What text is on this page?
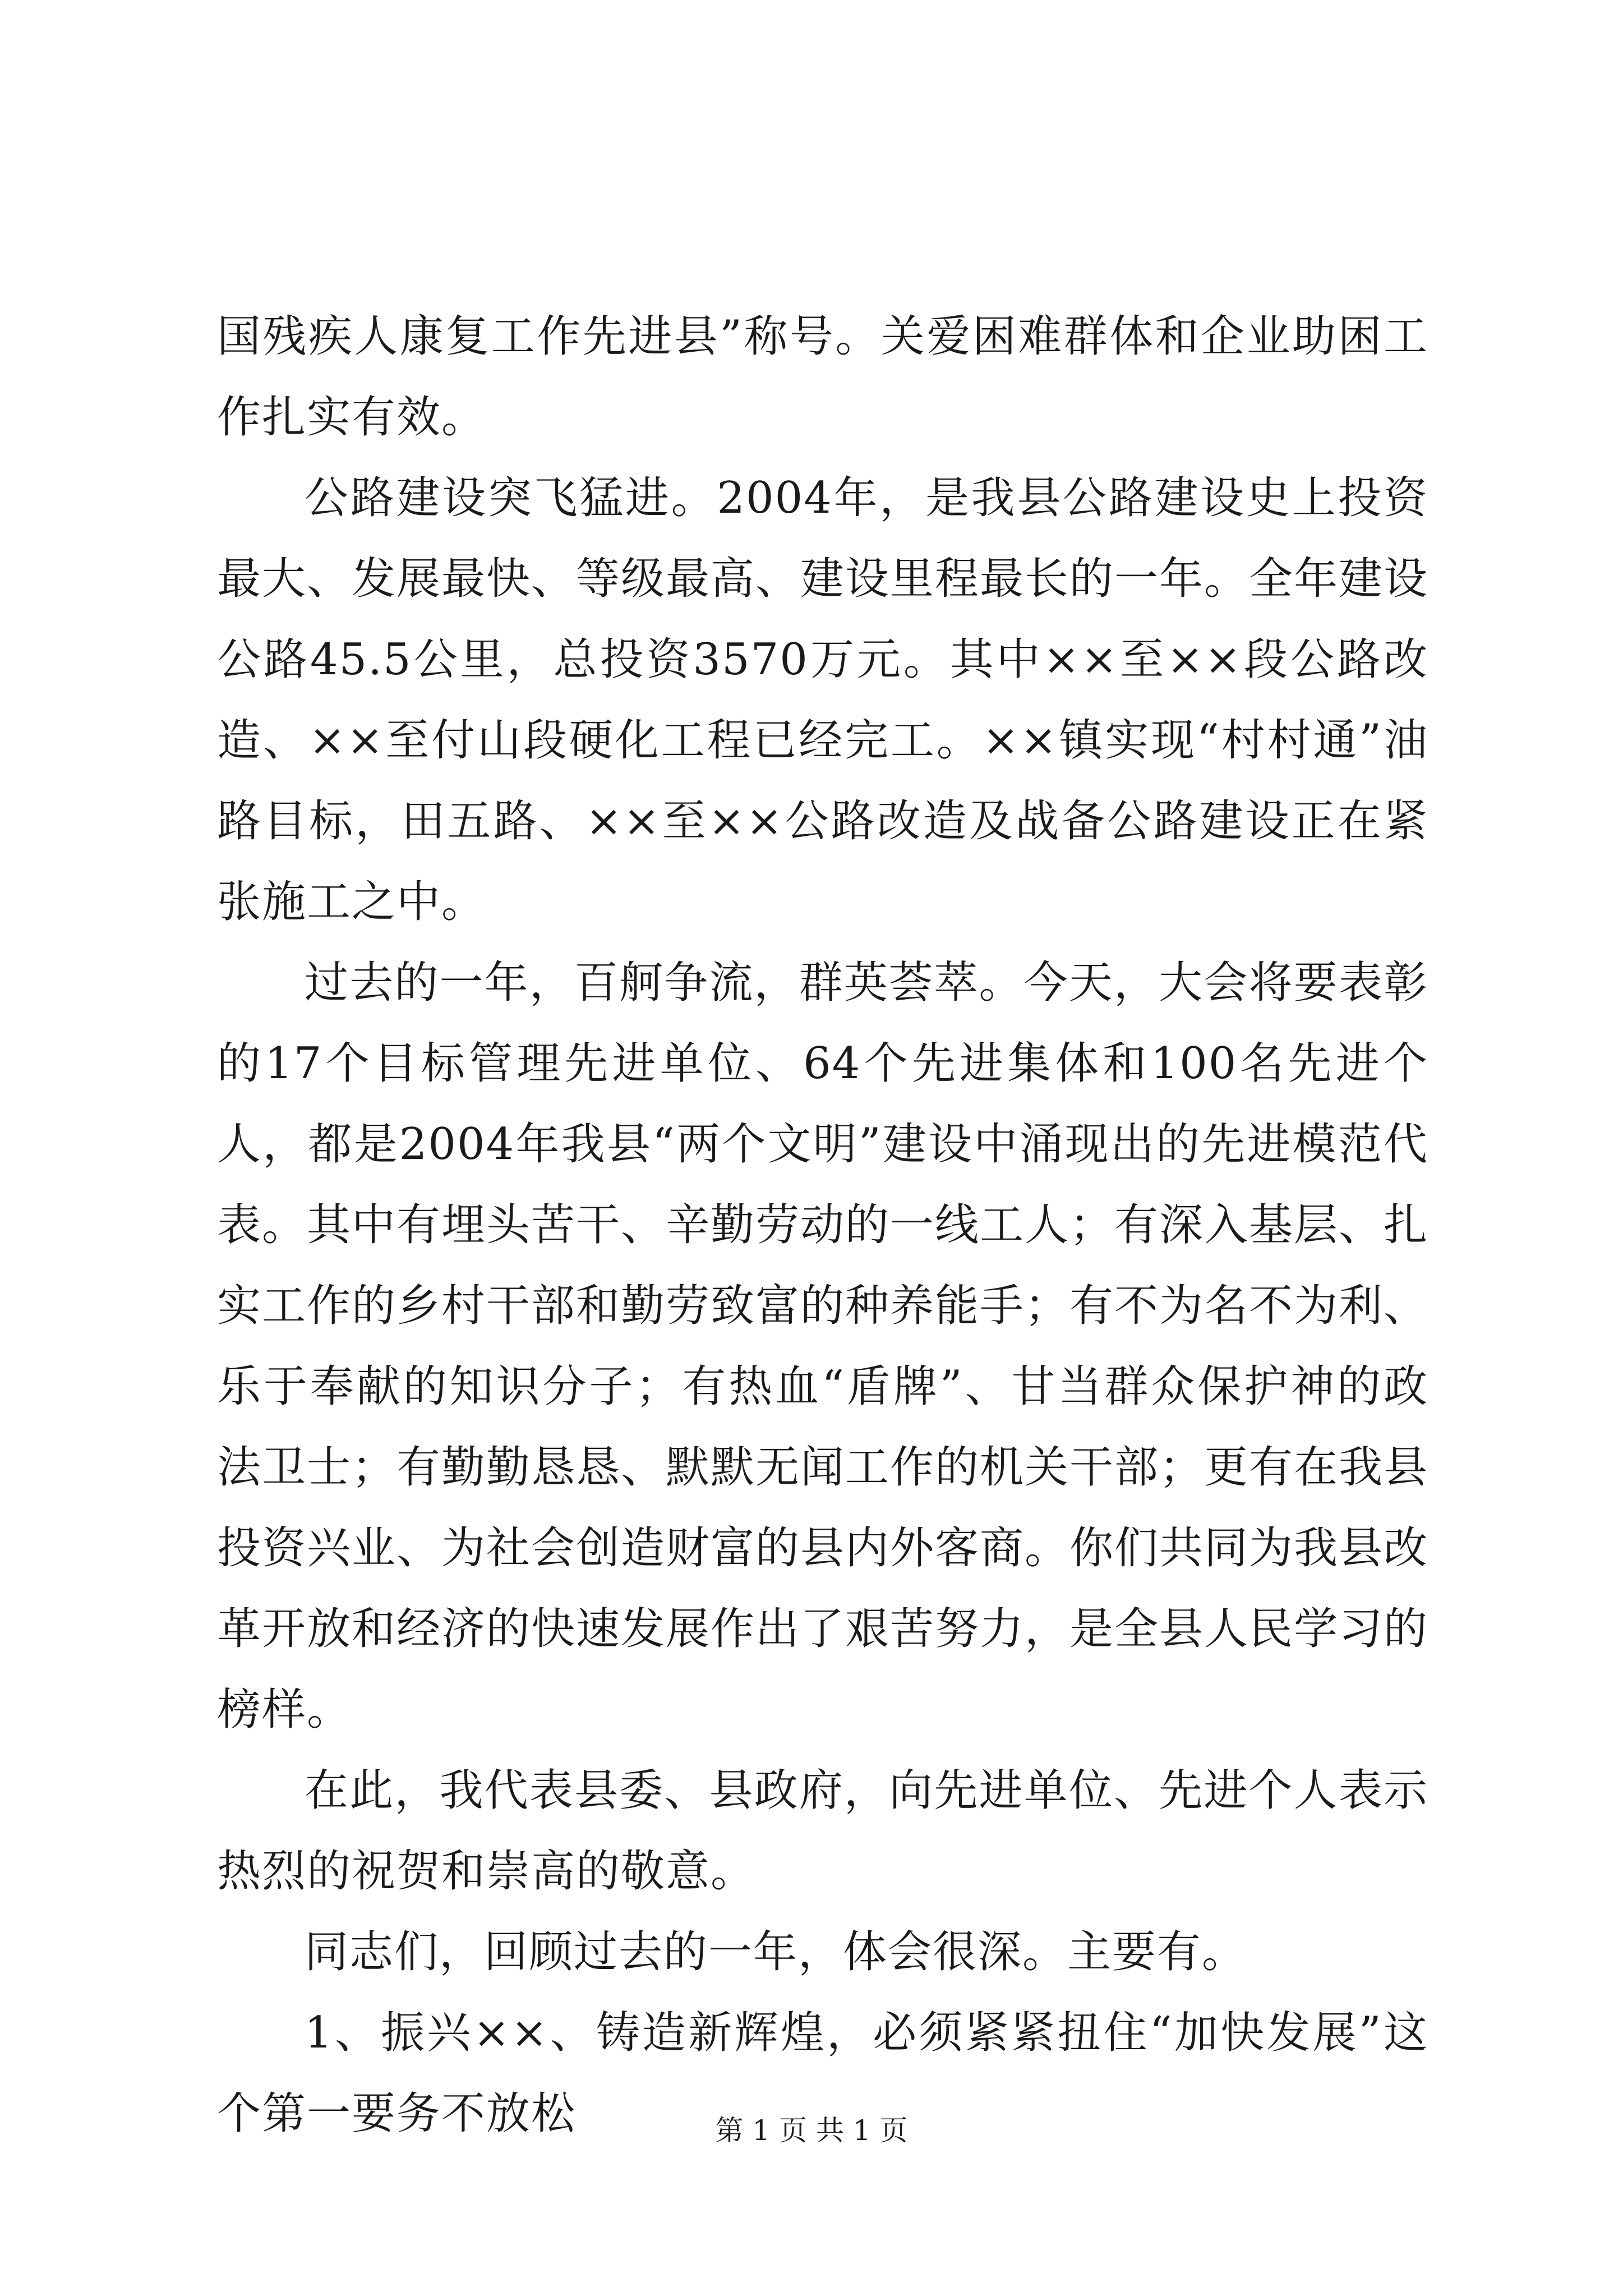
国残疾人康复工作先进县”称号。关爱困难群体和企业助困工作扎实有效。

公路建设突飞猛进。2004年，是我县公路建设史上投资最大、发展最快、等级最高、建设里程最长的一年。全年建设公路45.5公里，总投资3570万元。其中××至××段公路改造、××至付山段硬化工程已经完工。××镇实现“村村通”油路目标，田五路、××至××公路改造及战备公路建设正在紧张施工之中。

过去的一年，百舸争流，群英荟萃。今天，大会将要表彰的17个目标管理先进单位、64个先进集体和100名先进个人，都是2004年我县“两个文明”建设中涌现出的先进模范代表。其中有埋头苦干、辛勤劳动的一线工人；有深入基层、扎实工作的乡村干部和勤劳致富的种养能手；有不为名不为利、乐于奉献的知识分子；有热血“盾牌”、甘当群众保护神的政法卫士；有勤勤恳恳、默默无闻工作的机关干部；更有在我县投资兴业、为社会创造财富的县内外客商。你们共同为我县改革开放和经济的快速发展作出了艰苦努力，是全县人民学习的榜样。

在此，我代表县委、县政府，向先进单位、先进个人表示热烈的祝贺和崇高的敬意。

同志们，回顾过去的一年，体会很深。主要有。

1、振兴××、铸造新辉煌，必须紧紧扭住“加快发展”这个第一要务不放松	第 1 页 共 1 页
